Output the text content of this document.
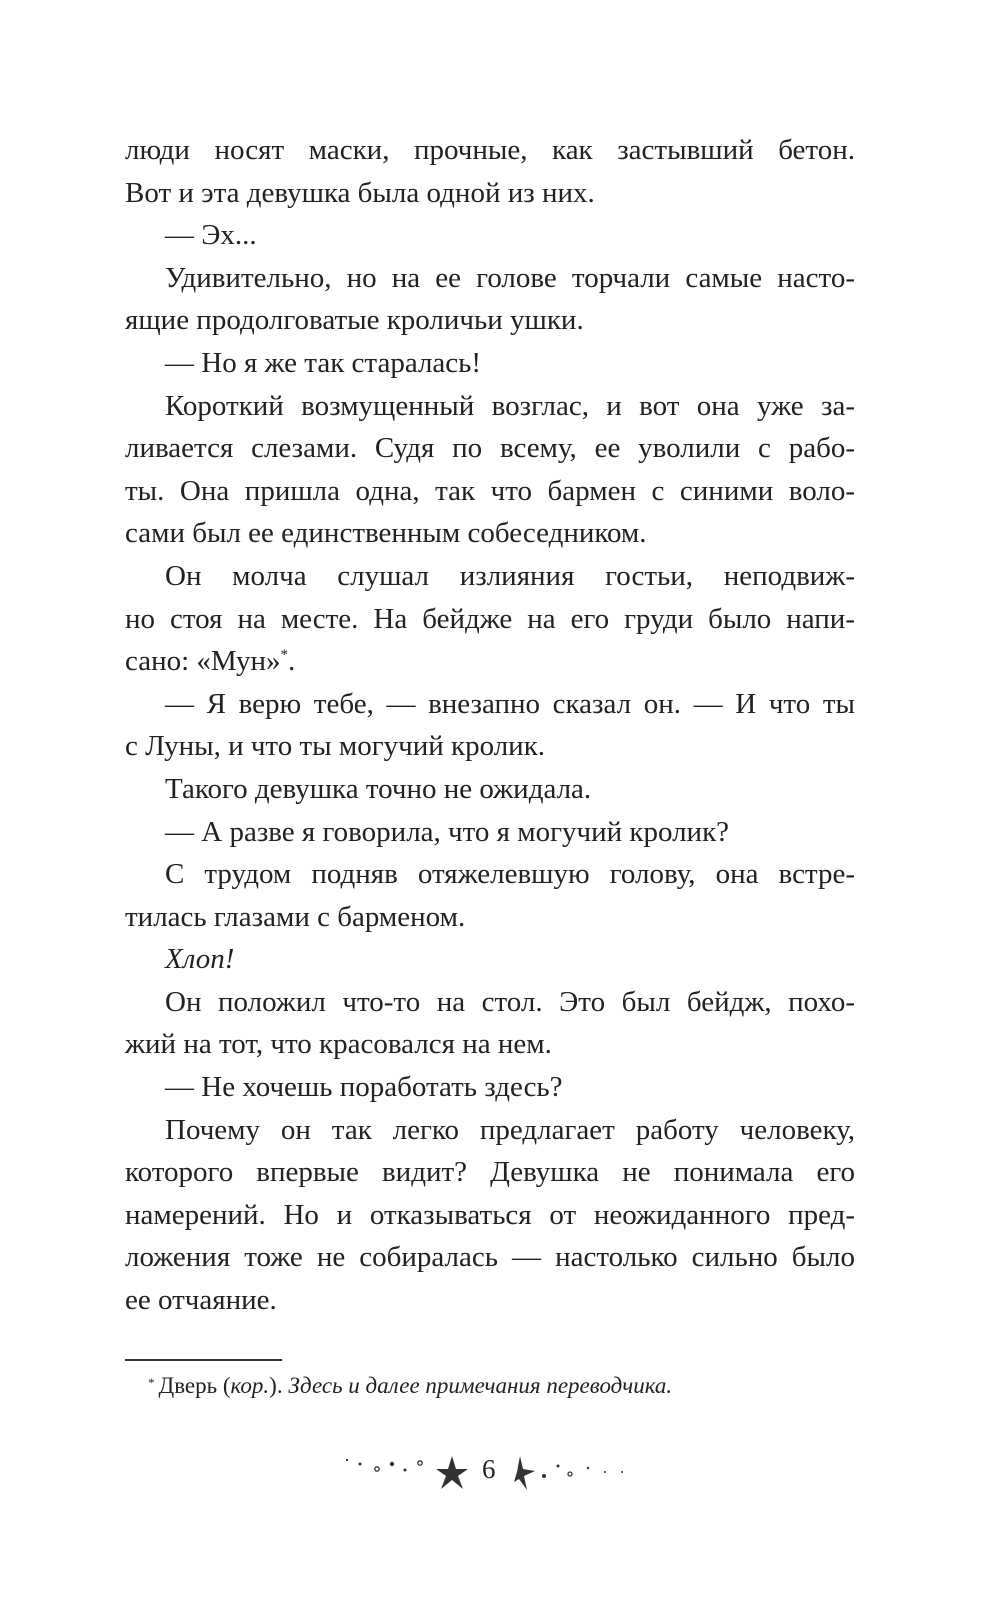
люди носят маски, прочные, как застывший бетон.
Вот и эта девушка была одной из них.
— Эх...
Удивительно, но на ее голове торчали самые насто-
ящие продолговатые кроличьи ушки.
— Но я же так старалась!
Короткий возмущенный возглас, и вот она уже за-
ливается слезами. Судя по всему, ее уволили с рабо-
ты. Она пришла одна, так что бармен с синими воло-
сами был ее единственным собеседником.
Он молча слушал излияния гостьи, неподвиж-
но стоя на месте. На бейдже на его груди было напи-
сано: «Мун»*.
— Я верю тебе, — внезапно сказал он. — И что ты
с Луны, и что ты могучий кролик.
Такого девушка точно не ожидала.
— А разве я говорила, что я могучий кролик?
С трудом подняв отяжелевшую голову, она встре-
тилась глазами с барменом.
Хлоп!
Он положил что-то на стол. Это был бейдж, похо-
жий на тот, что красовался на нем.
— Не хочешь поработать здесь?
Почему он так легко предлагает работу человеку,
которого впервые видит? Девушка не понимала его
намерений. Но и отказываться от неожиданного пред-
ложения тоже не собиралась — настолько сильно было
ее отчаяние.
* Дверь (кор.). Здесь и далее примечания переводчика.
6
